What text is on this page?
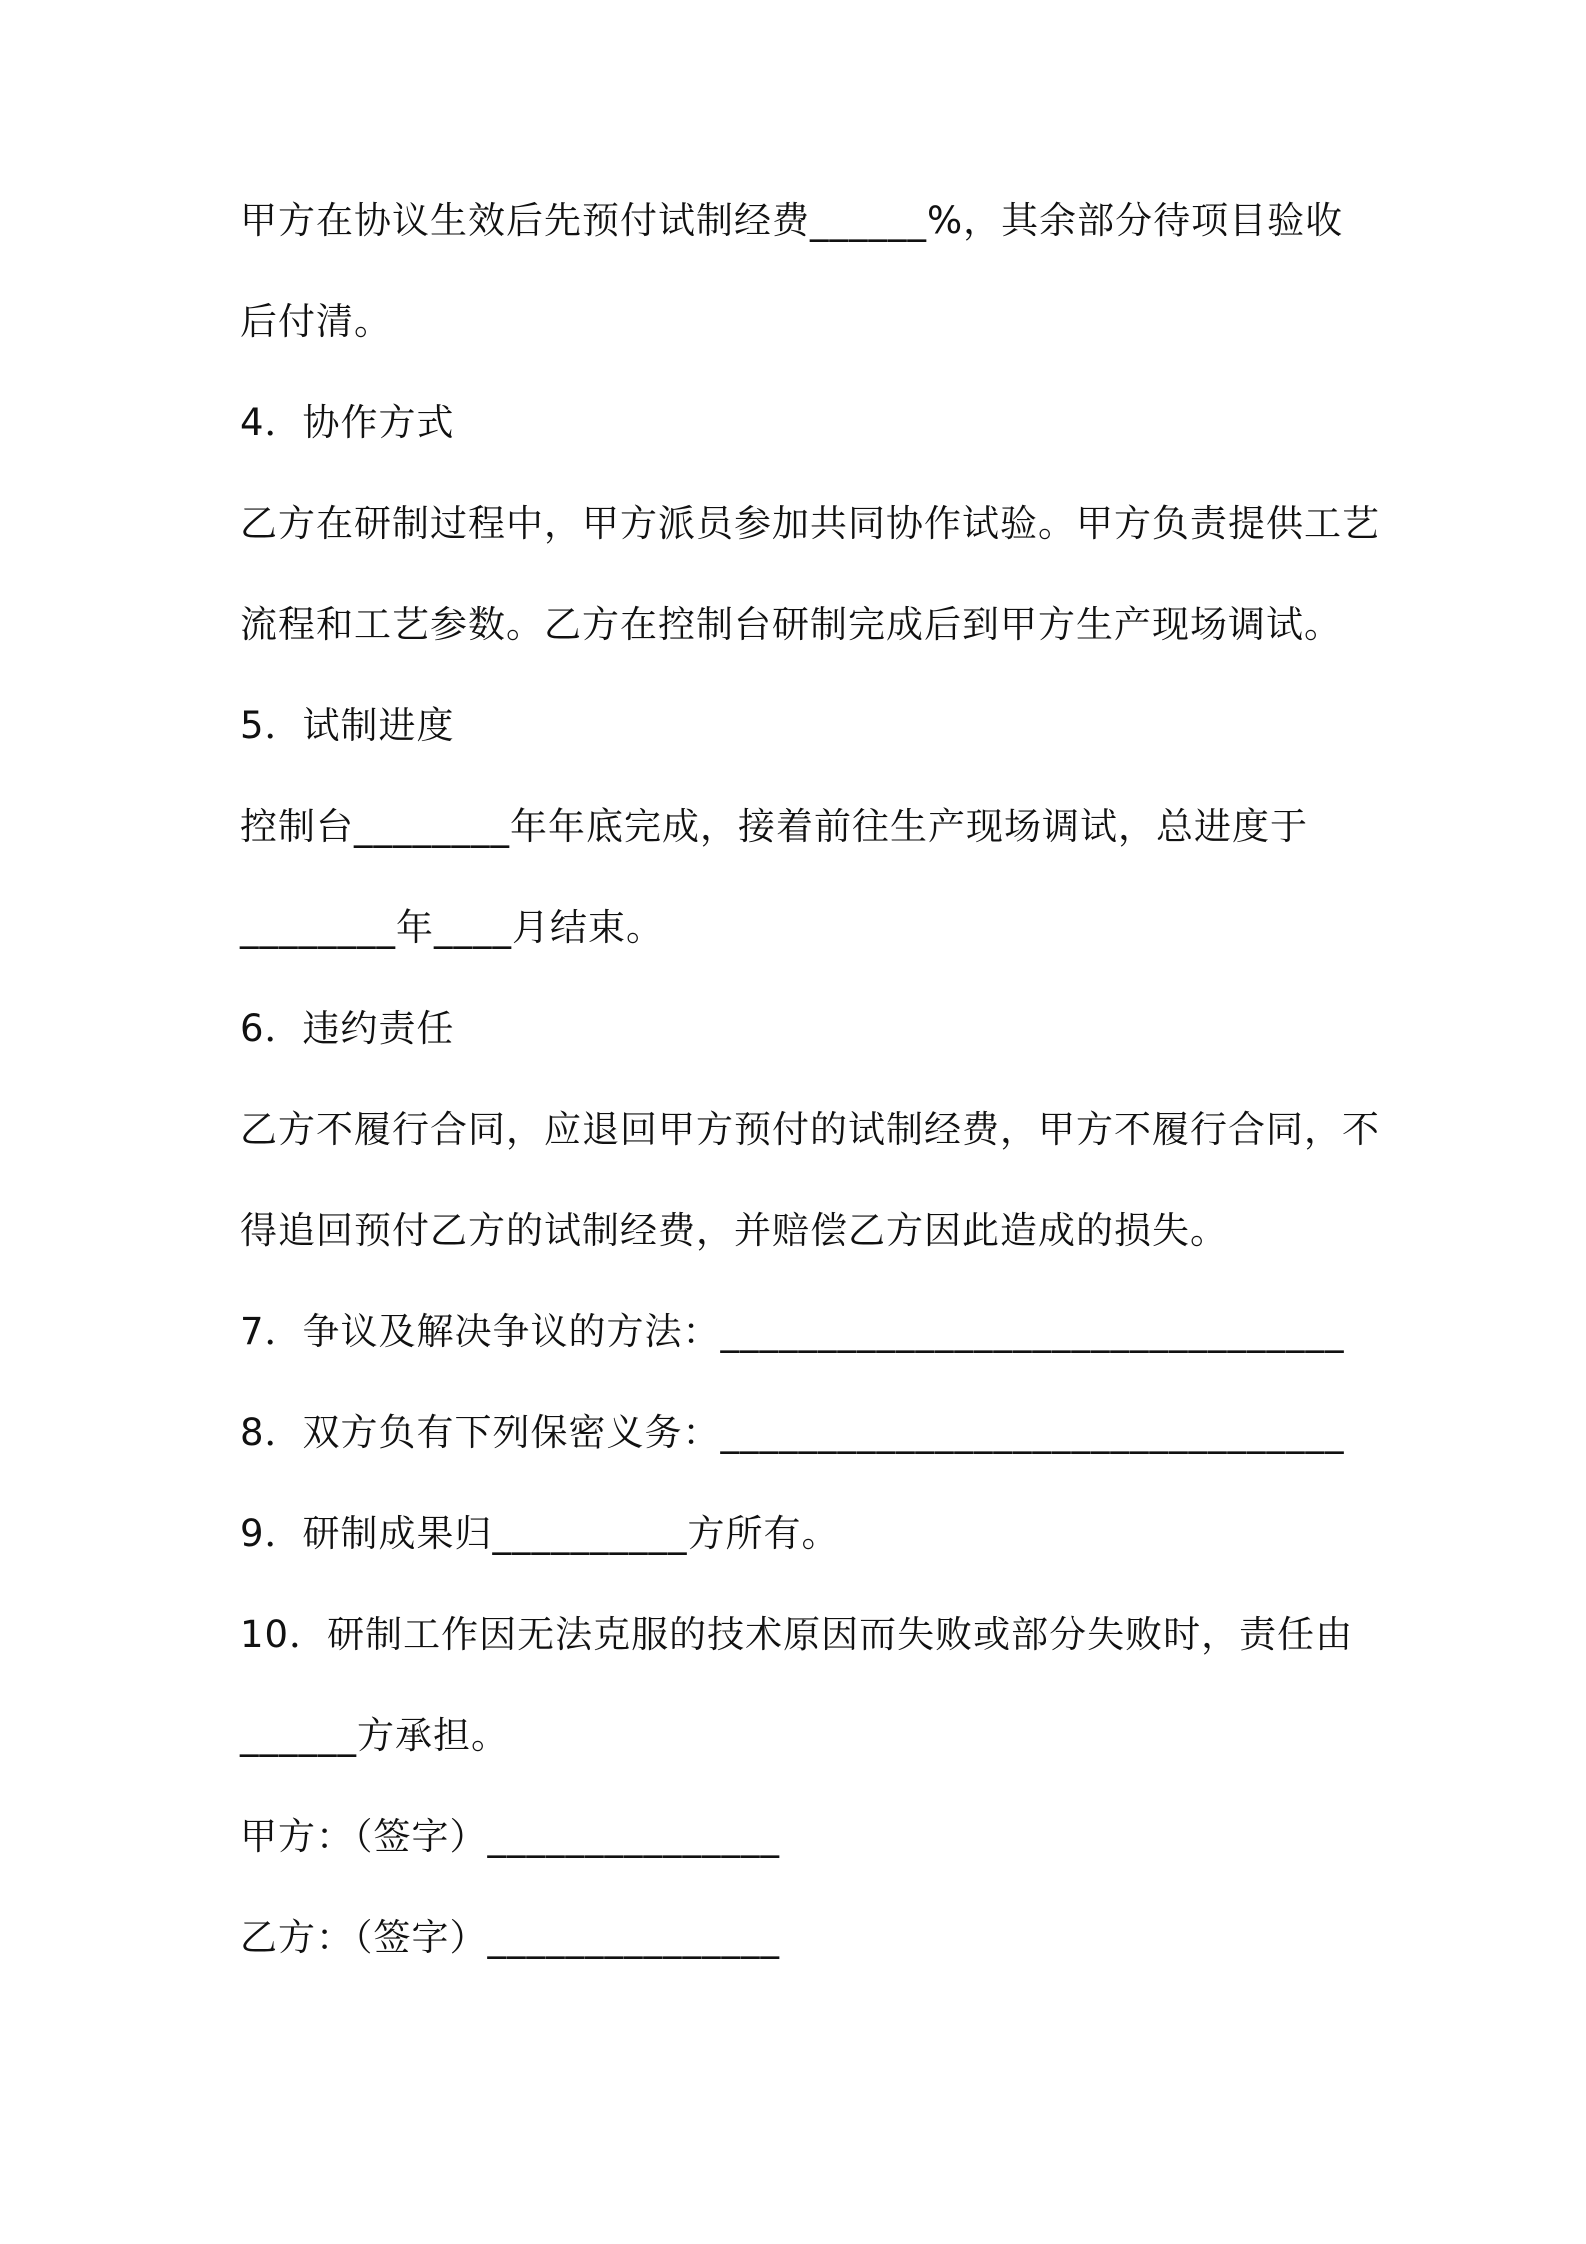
甲方在协议生效后先预付试制经费______%，其余部分待项目验收
后付清。
4．协作方式
乙方在研制过程中，甲方派员参加共同协作试验。甲方负责提供工艺
流程和工艺参数。乙方在控制台研制完成后到甲方生产现场调试。
5．试制进度
控制台________年年底完成，接着前往生产现场调试，总进度于
________年____月结束。
6．违约责任
乙方不履行合同，应退回甲方预付的试制经费，甲方不履行合同，不
得追回预付乙方的试制经费，并赔偿乙方因此造成的损失。
7．争议及解决争议的方法：________________________________
8．双方负有下列保密义务：________________________________
9．研制成果归__________方所有。
10．研制工作因无法克服的技术原因而失败或部分失败时，责任由
______方承担。
甲方：（签字）_______________
乙方：（签字）_______________
